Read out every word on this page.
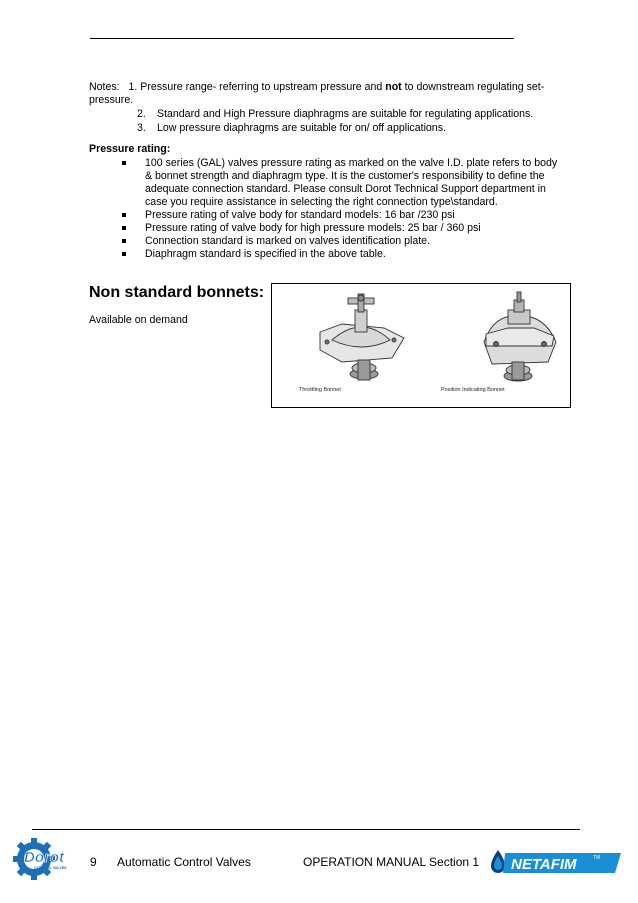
Notes: 1. Pressure range- referring to upstream pressure and not to downstream regulating set-pressure.

2. Standard and High Pressure diaphragms are suitable for regulating applications.

3. Low pressure diaphragms are suitable for on/ off applications.

Pressure rating:
100 series (GAL) valves pressure rating as marked on the valve I.D. plate refers to body & bonnet strength and diaphragm type. It is the customer's responsibility to define the adequate connection standard. Please consult Dorot Technical Support department in case you require assistance in selecting the right connection type\standard.
Pressure rating of valve body for standard models: 16 bar /230 psi
Pressure rating of valve body for high pressure models: 25 bar / 360 psi
Connection standard is marked on valves identification plate.
Diaphragm standard is specified in the above table.
Non standard bonnets:

Available on demand

Throttling Bonnet	Position Indicating Bonnet
Dorot
CONTROL VALVES 9 Automatic Control Valves	OPERATION MANUAL Section 1 NETAFIM	TM
